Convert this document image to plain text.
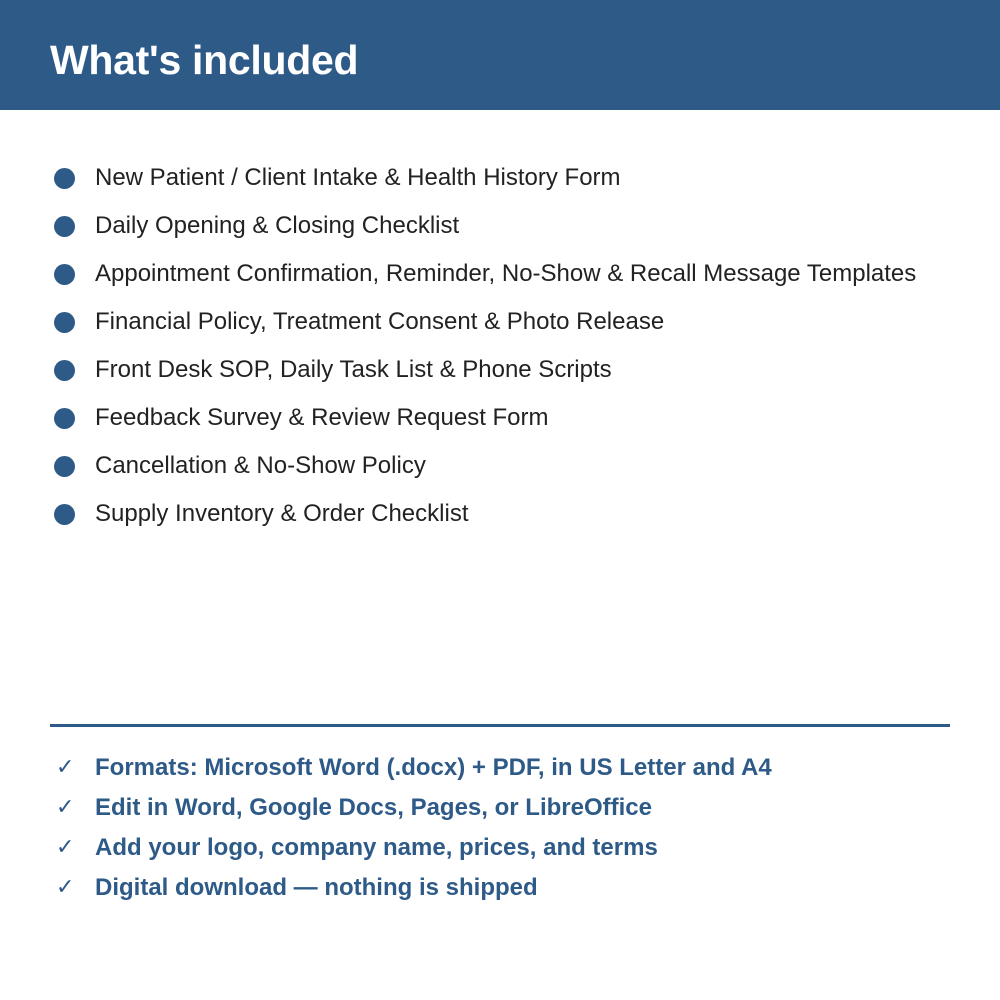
What's included
New Patient / Client Intake & Health History Form
Daily Opening & Closing Checklist
Appointment Confirmation, Reminder, No-Show & Recall Message Templates
Financial Policy, Treatment Consent & Photo Release
Front Desk SOP, Daily Task List & Phone Scripts
Feedback Survey & Review Request Form
Cancellation & No-Show Policy
Supply Inventory & Order Checklist
✓ Formats: Microsoft Word (.docx) + PDF, in US Letter and A4
✓ Edit in Word, Google Docs, Pages, or LibreOffice
✓ Add your logo, company name, prices, and terms
✓ Digital download — nothing is shipped
